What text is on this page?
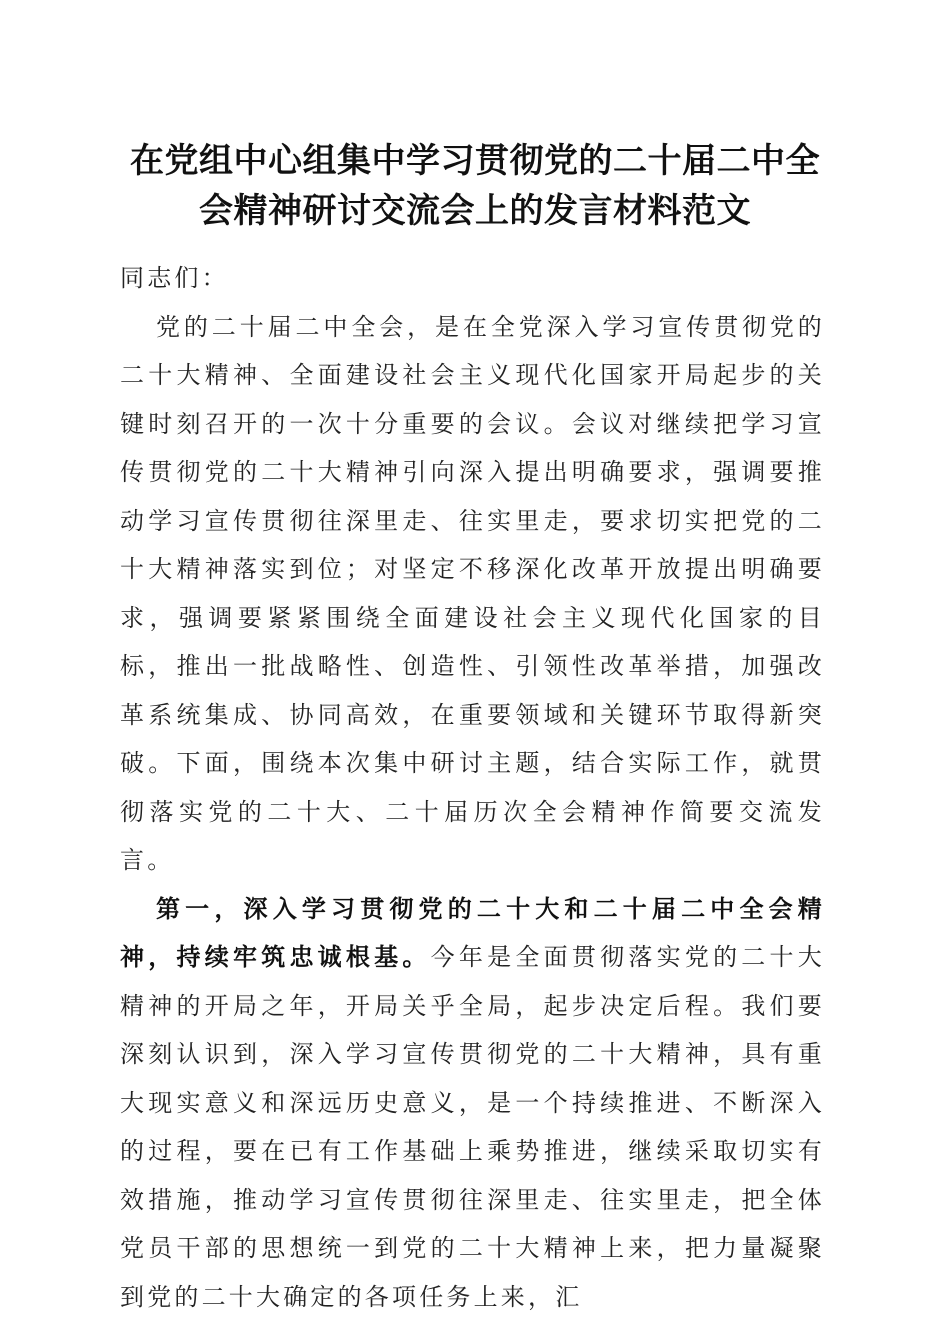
在党组中心组集中学习贯彻党的二十届二中全
会精神研讨交流会上的发言材料范文

同志们：

党的二十届二中全会，是在全党深入学习宣传贯彻党的二十大精神、全面建设社会主义现代化国家开局起步的关键时刻召开的一次十分重要的会议。会议对继续把学习宣传贯彻党的二十大精神引向深入提出明确要求，强调要推动学习宣传贯彻往深里走、往实里走，要求切实把党的二十大精神落实到位；对坚定不移深化改革开放提出明确要求，强调要紧紧围绕全面建设社会主义现代化国家的目标，推出一批战略性、创造性、引领性改革举措，加强改革系统集成、协同高效，在重要领域和关键环节取得新突破。下面，围绕本次集中研讨主题，结合实际工作，就贯彻落实党的二十大、二十届历次全会精神作简要交流发言。

第一，深入学习贯彻党的二十大和二十届二中全会精神，持续牢筑忠诚根基。今年是全面贯彻落实党的二十大精神的开局之年，开局关乎全局，起步决定后程。我们要深刻认识到，深入学习宣传贯彻党的二十大精神，具有重大现实意义和深远历史意义，是一个持续推进、不断深入的过程，要在已有工作基础上乘势推进，继续采取切实有效措施，推动学习宣传贯彻往深里走、往实里走，把全体党员干部的思想统一到党的二十大精神上来，把力量凝聚到党的二十大确定的各项任务上来，汇
